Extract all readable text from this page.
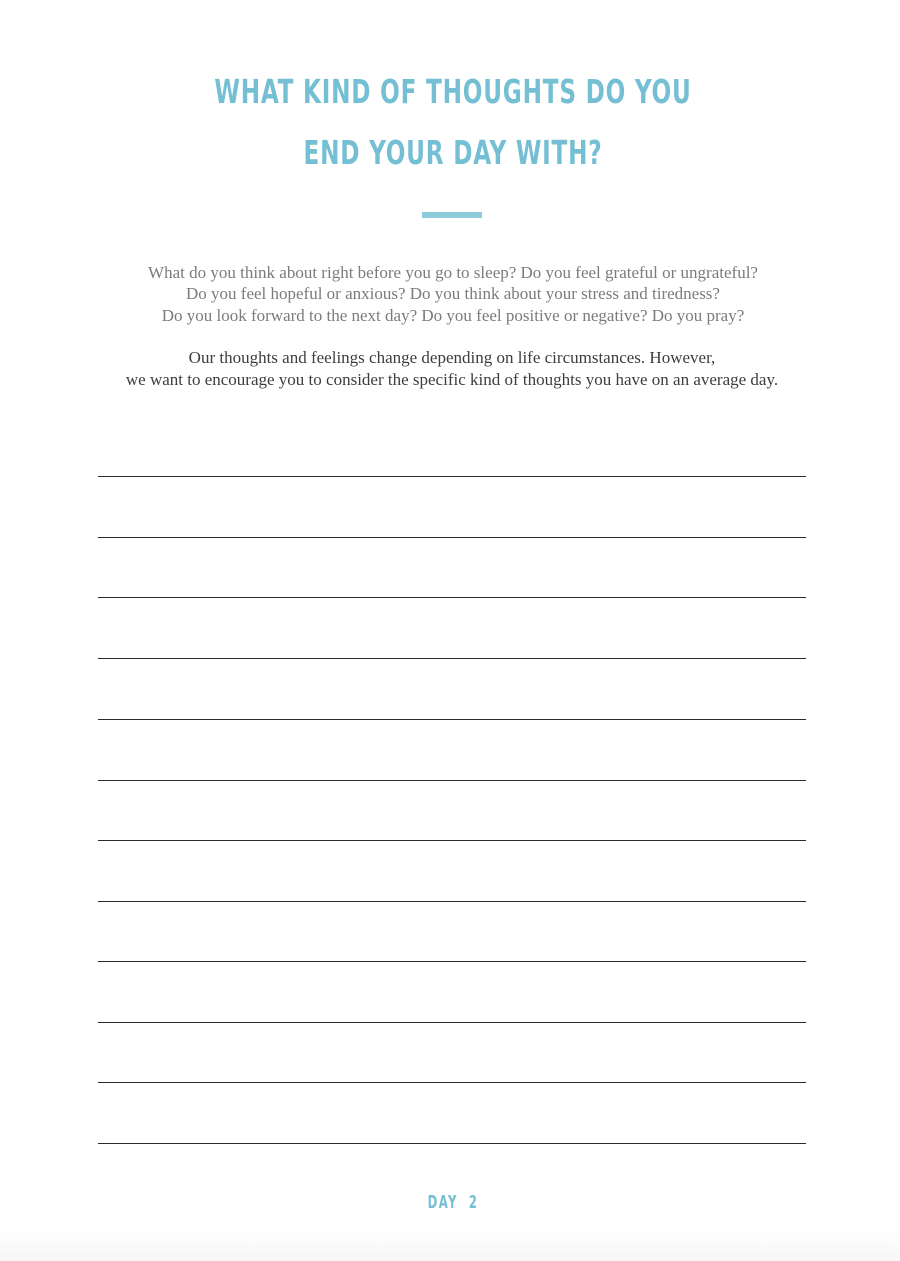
WHAT KIND OF THOUGHTS DO YOU
END YOUR DAY WITH?
What do you think about right before you go to sleep? Do you feel grateful or ungrateful?
Do you feel hopeful or anxious? Do you think about your stress and tiredness?
Do you look forward to the next day? Do you feel positive or negative? Do you pray?
Our thoughts and feelings change depending on life circumstances. However,
we want to encourage you to consider the specific kind of thoughts you have on an average day.
DAY  2
